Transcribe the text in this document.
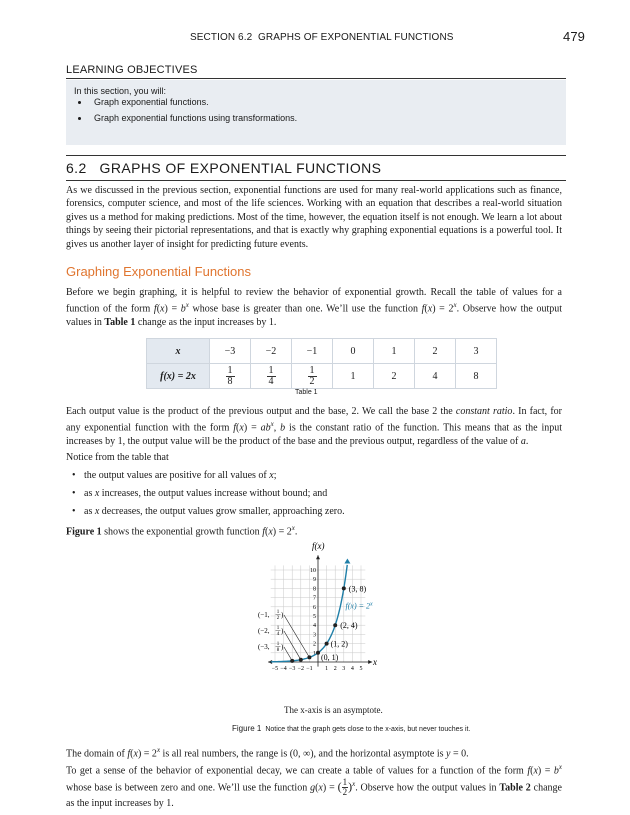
SECTION 6.2 GRAPHS OF EXPONENTIAL FUNCTIONS	479
LEARNING OBJECTIVES
In this section, you will:
• Graph exponential functions.
• Graph exponential functions using transformations.
6.2 GRAPHS OF EXPONENTIAL FUNCTIONS
As we discussed in the previous section, exponential functions are used for many real-world applications such as finance, forensics, computer science, and most of the life sciences. Working with an equation that describes a real-world situation gives us a method for making predictions. Most of the time, however, the equation itself is not enough. We learn a lot about things by seeing their pictorial representations, and that is exactly why graphing exponential equations is a powerful tool. It gives us another layer of insight for predicting future events.
Graphing Exponential Functions
Before we begin graphing, it is helpful to review the behavior of exponential growth. Recall the table of values for a function of the form $f(x) = b^x$ whose base is greater than one. We’ll use the function $f(x) = 2^x$. Observe how the output values in Table 1 change as the input increases by 1.
x	−3	−2	−1	0	1	2	3
f(x) = 2x	$\frac{1}{8}$	$\frac{1}{4}$	$\frac{1}{2}$	1	2	4	8
Table 1
Each output value is the product of the previous output and the base, 2. We call the base 2 the constant ratio. In fact, for any exponential function with the form $f(x) = ab^x$, b is the constant ratio of the function. This means that as the input increases by 1, the output value will be the product of the base and the previous output, regardless of the value of a.
Notice from the table that
• the output values are positive for all values of x;
• as x increases, the output values increase without bound; and
• as x decreases, the output values grow smaller, approaching zero.
Figure 1 shows the exponential growth function $f(x) = 2^x$.
−5 −4 −3 −2 −1 1 2 3 4 5
1
2
3
4
5
6
7
8
9
10
(3, 8)
(2, 4)
(1, 2)
(0, 1)
(−1, 1
2 )
(−2, 1
4 )
(−3, 1
8 )
f(x)
x
$f(x) = 2^x$
The x-axis is an asymptote.
Figure 1 Notice that the graph gets close to the x-axis, but never touches it.
The domain of $f(x) = 2^x$ is all real numbers, the range is (0, ∞), and the horizontal asymptote is y = 0.
To get a sense of the behavior of exponential decay, we can create a table of values for a function of the form $f(x) = b^x$ whose base is between zero and one. We’ll use the function g(x) = ( $\frac{1}{2} )^x$. Observe how the output values in Table 2 change as the input increases by 1.
